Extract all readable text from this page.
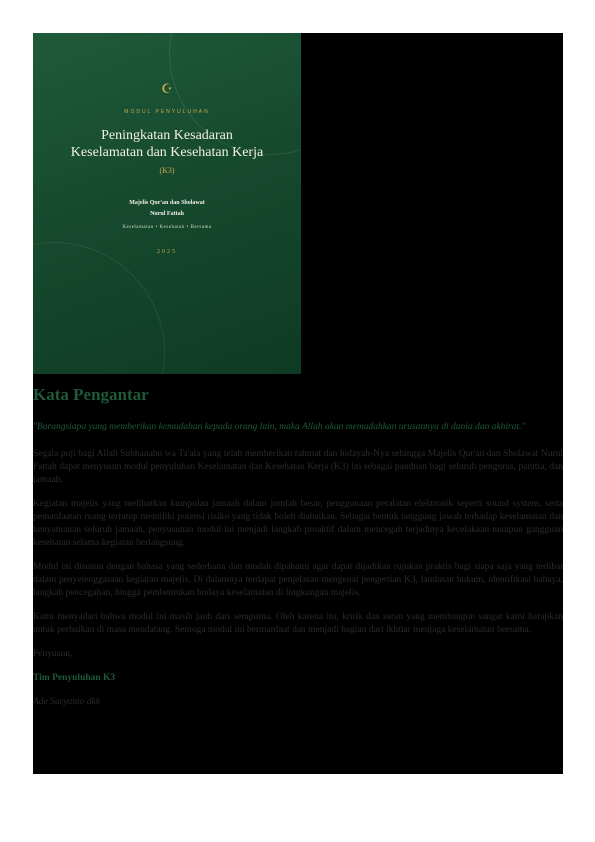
☪
MODUL PENYULUHAN
Peningkatan Kesadaran
Keselamatan dan Kesehatan Kerja
(K3)
Majelis Qur'an dan Sholawat
Nurul Fattah
Keselamatan • Kesehatan • Bersama
2025
Kata Pengantar
"Barangsiapa yang memberikan kemudahan kepada orang lain, maka Allah akan memudahkan urusannya di dunia dan akhirat."

Segala puji bagi Allah Subhanahu wa Ta'ala yang telah memberikan rahmat dan hidayah-Nya sehingga Majelis Qur'an dan Sholawat Nurul Fattah dapat menyusun modul penyuluhan Keselamatan dan Kesehatan Kerja (K3) ini sebagai panduan bagi seluruh pengurus, panitia, dan jamaah.

Kegiatan majelis yang melibatkan kumpulan jamaah dalam jumlah besar, penggunaan peralatan elektronik seperti sound system, serta pemanfaatan ruang tertutup memiliki potensi risiko yang tidak boleh diabaikan. Sebagai bentuk tanggung jawab terhadap keselamatan dan kenyamanan seluruh jamaah, penyusunan modul ini menjadi langkah proaktif dalam mencegah terjadinya kecelakaan maupun gangguan kesehatan selama kegiatan berlangsung.

Modul ini disusun dengan bahasa yang sederhana dan mudah dipahami agar dapat dijadikan rujukan praktis bagi siapa saja yang terlibat dalam penyelenggaraan kegiatan majelis. Di dalamnya terdapat penjelasan mengenai pengertian K3, landasan hukum, identifikasi bahaya, langkah pencegahan, hingga pembentukan budaya keselamatan di lingkungan majelis.

Kami menyadari bahwa modul ini masih jauh dari sempurna. Oleh karena itu, kritik dan saran yang membangun sangat kami harapkan untuk perbaikan di masa mendatang. Semoga modul ini bermanfaat dan menjadi bagian dari ikhtiar menjaga keselamatan bersama.

Penyusun,
Tim Penyuluhan K3
Ade Suryanto dkk
